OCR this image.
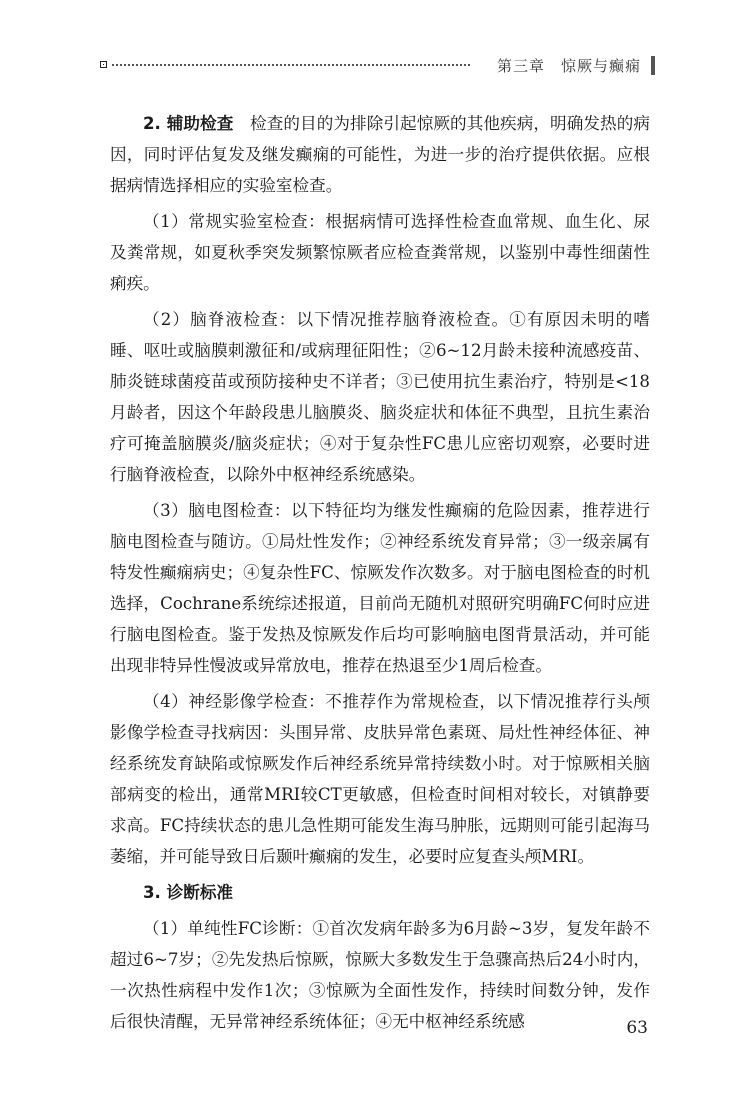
第三章　惊厥与癫痫

2. 辅助检查　检查的目的为排除引起惊厥的其他疾病，明确发热的病因，同时评估复发及继发癫痫的可能性，为进一步的治疗提供依据。应根据病情选择相应的实验室检查。

（1）常规实验室检查：根据病情可选择性检查血常规、血生化、尿及粪常规，如夏秋季突发频繁惊厥者应检查粪常规，以鉴别中毒性细菌性痢疾。

（2）脑脊液检查：以下情况推荐脑脊液检查。①有原因未明的嗜睡、呕吐或脑膜刺激征和/或病理征阳性；②6~12月龄未接种流感疫苗、肺炎链球菌疫苗或预防接种史不详者；③已使用抗生素治疗，特别是<18月龄者，因这个年龄段患儿脑膜炎、脑炎症状和体征不典型，且抗生素治疗可掩盖脑膜炎/脑炎症状；④对于复杂性FC患儿应密切观察，必要时进行脑脊液检查，以除外中枢神经系统感染。

（3）脑电图检查：以下特征均为继发性癫痫的危险因素，推荐进行脑电图检查与随访。①局灶性发作；②神经系统发育异常；③一级亲属有特发性癫痫病史；④复杂性FC、惊厥发作次数多。对于脑电图检查的时机选择，Cochrane系统综述报道，目前尚无随机对照研究明确FC何时应进行脑电图检查。鉴于发热及惊厥发作后均可影响脑电图背景活动，并可能出现非特异性慢波或异常放电，推荐在热退至少1周后检查。

（4）神经影像学检查：不推荐作为常规检查，以下情况推荐行头颅影像学检查寻找病因：头围异常、皮肤异常色素斑、局灶性神经体征、神经系统发育缺陷或惊厥发作后神经系统异常持续数小时。对于惊厥相关脑部病变的检出，通常MRI较CT更敏感，但检查时间相对较长，对镇静要求高。FC持续状态的患儿急性期可能发生海马肿胀，远期则可能引起海马萎缩，并可能导致日后颞叶癫痫的发生，必要时应复查头颅MRI。

3. 诊断标准

（1）单纯性FC诊断：①首次发病年龄多为6月龄~3岁，复发年龄不超过6~7岁；②先发热后惊厥，惊厥大多数发生于急骤高热后24小时内，一次热性病程中发作1次；③惊厥为全面性发作，持续时间数分钟，发作后很快清醒，无异常神经系统体征；④无中枢神经系统感	63
